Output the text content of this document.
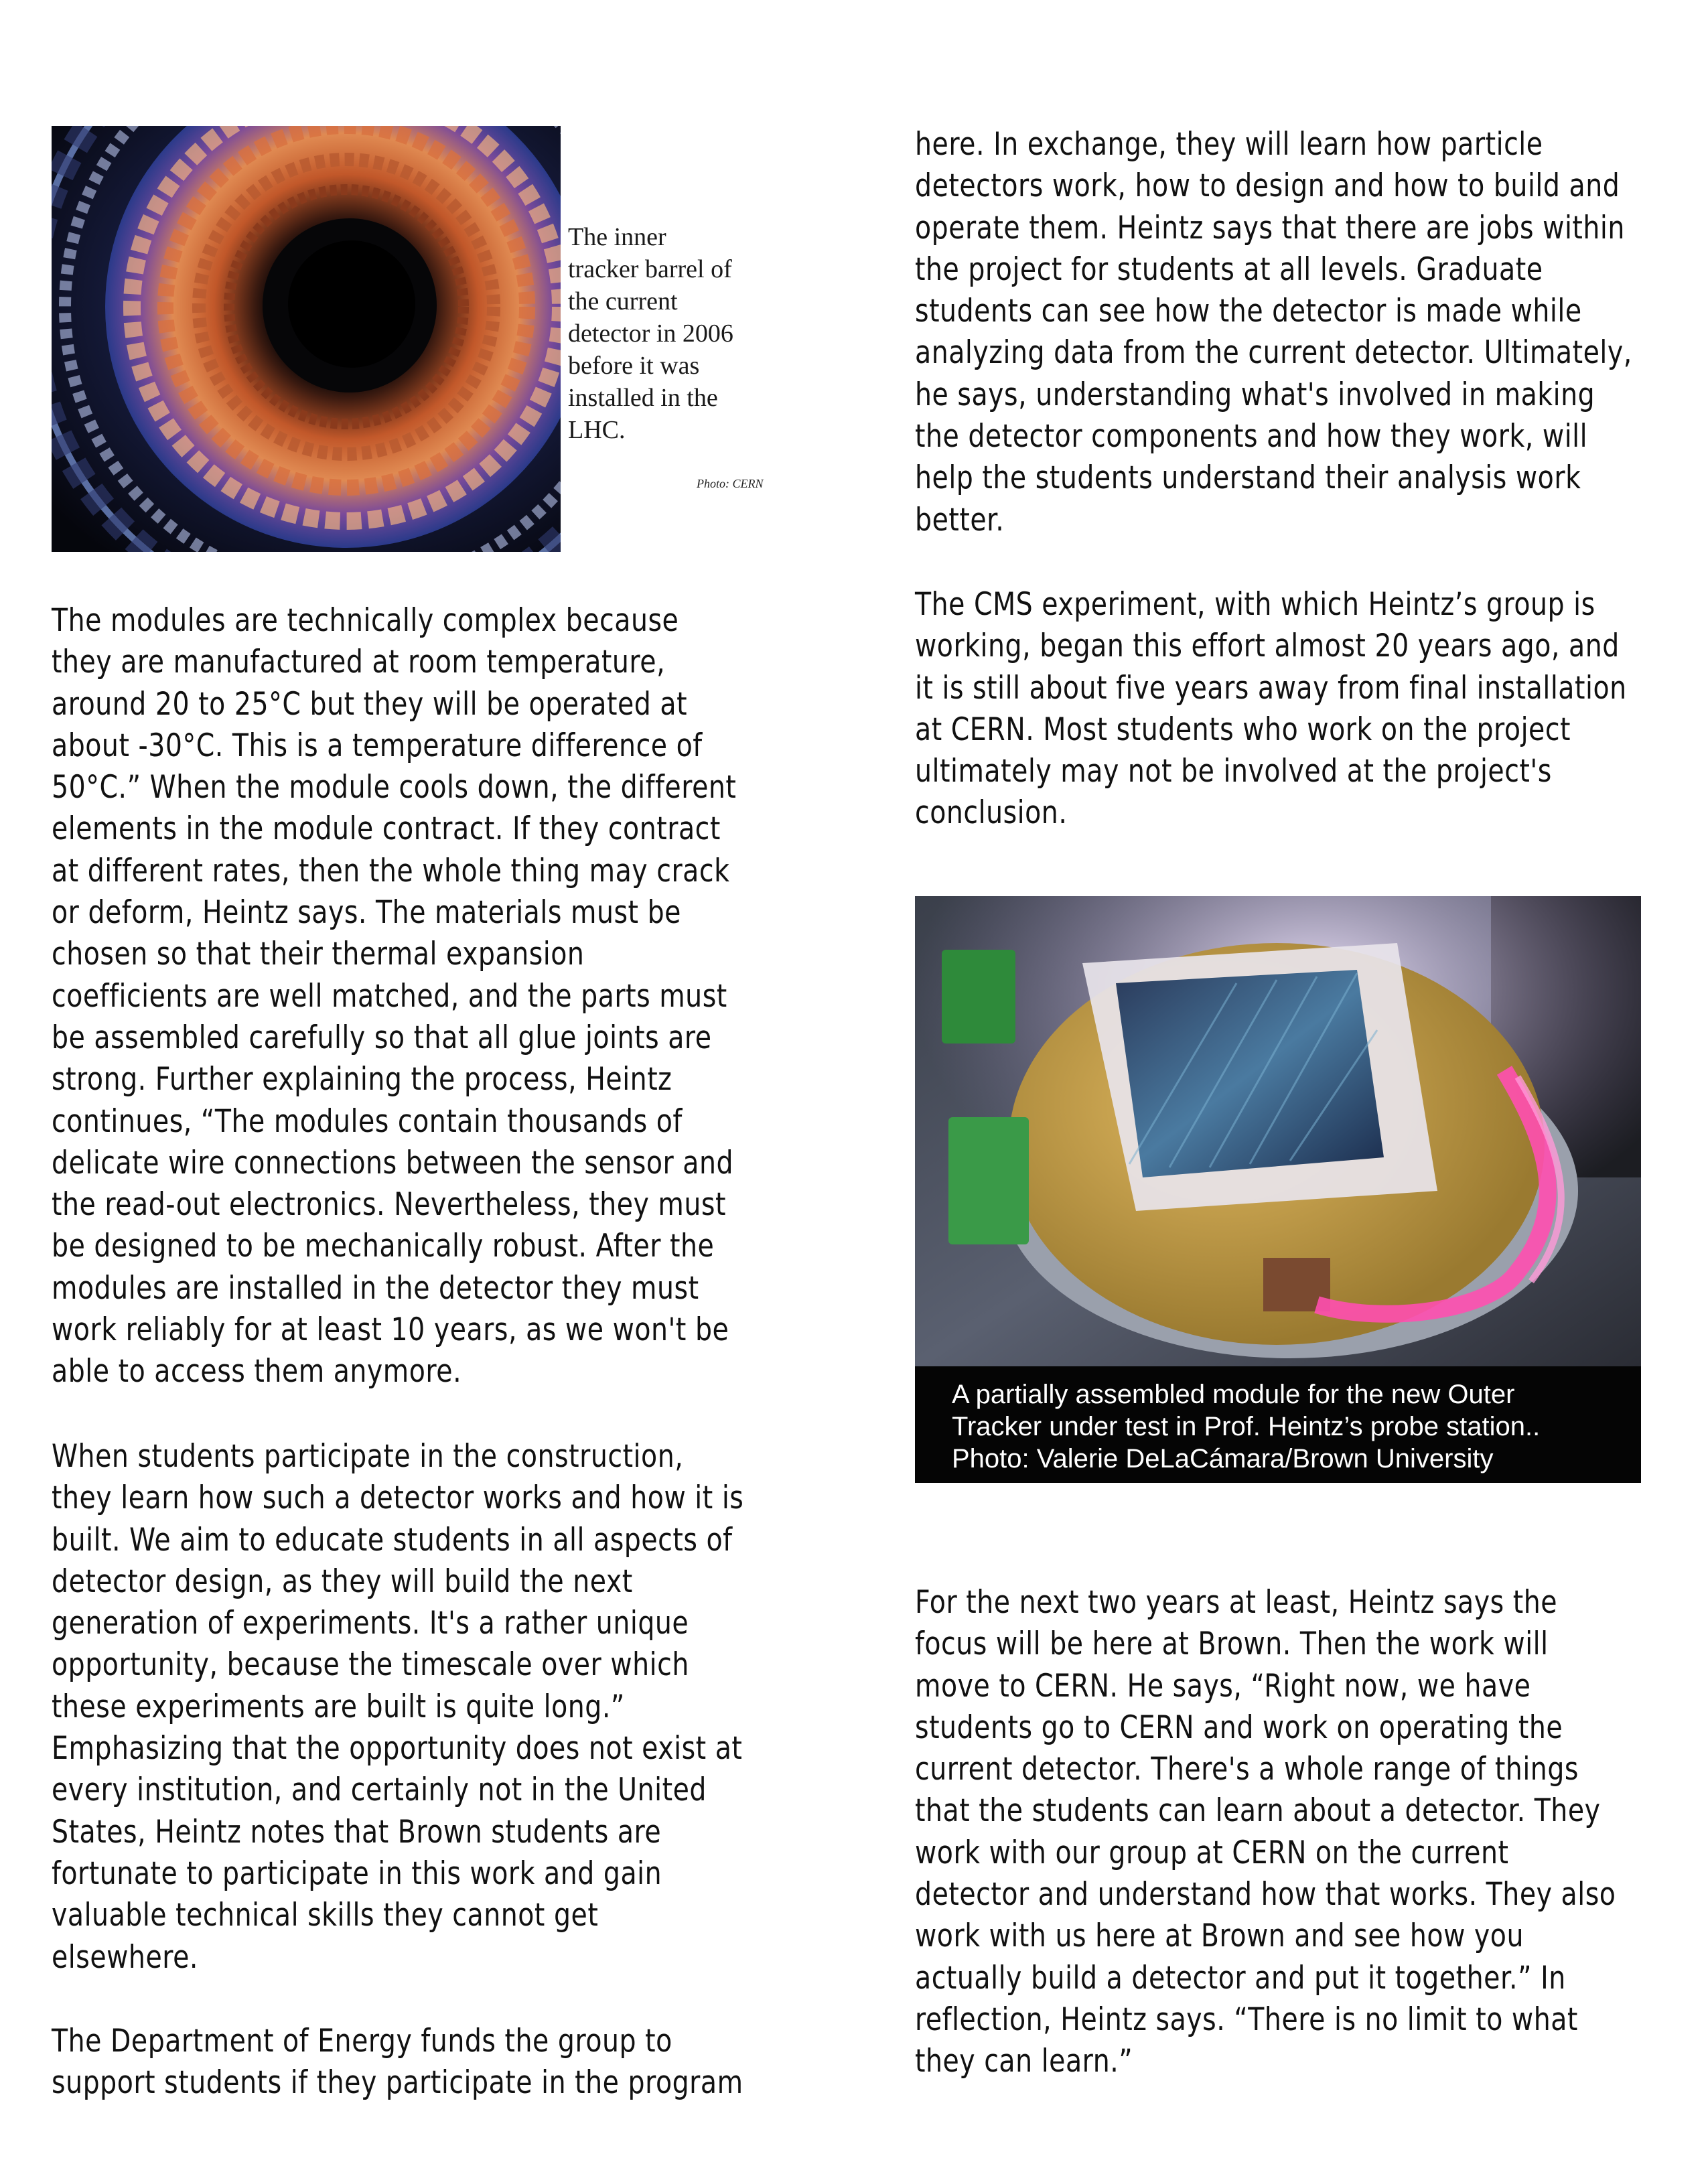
The inner
tracker barrel of
the current
detector in 2006
before it was
installed in the
LHC.
Photo: CERN
The modules are technically complex because
they are manufactured at room temperature,
around 20 to 25°C but they will be operated at
about -30°C. This is a temperature difference of
50°C.” When the module cools down, the different
elements in the module contract. If they contract
at different rates, then the whole thing may crack
or deform, Heintz says. The materials must be
chosen so that their thermal expansion
coefficients are well matched, and the parts must
be assembled carefully so that all glue joints are
strong. Further explaining the process, Heintz
continues, “The modules contain thousands of
delicate wire connections between the sensor and
the read-out electronics. Nevertheless, they must
be designed to be mechanically robust. After the
modules are installed in the detector they must
work reliably for at least 10 years, as we won't be
able to access them anymore.
When students participate in the construction,
they learn how such a detector works and how it is
built. We aim to educate students in all aspects of
detector design, as they will build the next
generation of experiments. It's a rather unique
opportunity, because the timescale over which
these experiments are built is quite long.”
Emphasizing that the opportunity does not exist at
every institution, and certainly not in the United
States, Heintz notes that Brown students are
fortunate to participate in this work and gain
valuable technical skills they cannot get
elsewhere.
The Department of Energy funds the group to
support students if they participate in the program
here. In exchange, they will learn how particle
detectors work, how to design and how to build and
operate them. Heintz says that there are jobs within
the project for students at all levels. Graduate
students can see how the detector is made while
analyzing data from the current detector. Ultimately,
he says, understanding what's involved in making
the detector components and how they work, will
help the students understand their analysis work
better.
The CMS experiment, with which Heintz’s group is
working, began this effort almost 20 years ago, and
it is still about five years away from final installation
at CERN. Most students who work on the project
ultimately may not be involved at the project's
conclusion.
A partially assembled module for the new Outer
Tracker under test in Prof. Heintz’s probe station..
Photo: Valerie DeLaCámara/Brown University
For the next two years at least, Heintz says the
focus will be here at Brown. Then the work will
move to CERN. He says, “Right now, we have
students go to CERN and work on operating the
current detector. There's a whole range of things
that the students can learn about a detector. They
work with our group at CERN on the current
detector and understand how that works. They also
work with us here at Brown and see how you
actually build a detector and put it together.” In
reflection, Heintz says. “There is no limit to what
they can learn.”
